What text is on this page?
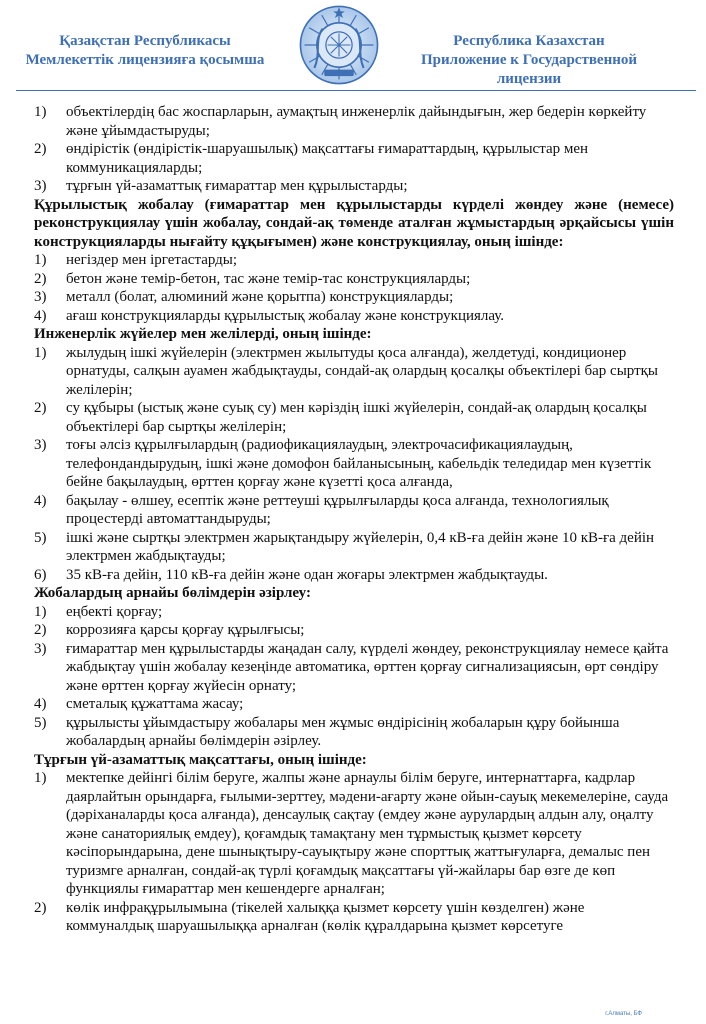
Қазақстан Республикасы
Мемлекеттік лицензияға қосымша
Республика Казахстан
Приложение к Государственной лицензии
1) объектілердің бас жоспарларын, аумақтың инженерлік дайындығын, жер бедерін көркейту және ұйымдастыруды;
2) өндірістік (өндірістік-шаруашылық) мақсаттағы ғимараттардың, құрылыстар мен коммуникацияларды;
3) тұрғын үй-азаматтық ғимараттар мен құрылыстарды;
Құрылыстық жобалау (ғимараттар мен құрылыстарды күрделі жөндеу және (немесе) реконструкциялау үшін жобалау, сондай-ақ төменде аталған жұмыстардың әрқайсысы үшін конструкцияларды нығайту құқығымен) және конструкциялау, оның ішінде:
1) негіздер мен іргетастарды;
2) бетон және темір-бетон, тас және темір-тас конструкцияларды;
3) металл (болат, алюминий және қорытпа) конструкцияларды;
4) ағаш конструкцияларды құрылыстық жобалау және конструкциялау.
Инженерлік жүйелер мен желілерді, оның ішінде:
1) жылудың ішкі жүйелерін (электрмен жылытуды қоса алғанда), желдетуді, кондиционер орнатуды, салқын ауамен жабдықтауды, сондай-ақ олардың қосалқы объектілері бар сыртқы желілерін;
2) су құбыры (ыстық және суық су) мен кәріздің ішкі жүйелерін, сондай-ақ олардың қосалқы объектілері бар сыртқы желілерін;
3) тоғы әлсіз құрылғылардың (радиофикациялаудың, электрочасификациялаудың, телефондандырудың, ішкі және домофон байланысының, кабельдік теледидар мен күзеттік бейне бақылаудың, өрттен қорғау және күзетті қоса алғанда,
4) бақылау - өлшеу, есептік және реттеуші құрылғыларды қоса алғанда, технологиялық процестерді автоматтандыруды;
5) ішкі және сыртқы электрмен жарықтандыру жүйелерін, 0,4 кВ-ға дейін және 10 кВ-ға дейін электрмен жабдықтауды;
6) 35 кВ-ға дейін, 110 кВ-ға дейін және одан жоғары электрмен жабдықтауды.
Жобалардың арнайы бөлімдерін әзірлеу:
1) еңбекті қорғау;
2) коррозияға қарсы қорғау құрылғысы;
3) ғимараттар мен құрылыстарды жаңадан салу, күрделі жөндеу, реконструкциялау немесе қайта жабдықтау үшін жобалау кезеңінде автоматика, өрттен қорғау сигнализациясын, өрт сөндіру және өрттен қорғау жүйесін орнату;
4) сметалық құжаттама жасау;
5) құрылысты ұйымдастыру жобалары мен жұмыс өндірісінің жобаларын құру бойынша жобалардың арнайы бөлімдерін әзірлеу.
Тұрғын үй-азаматтық мақсаттағы, оның ішінде:
1) мектепке дейінгі білім беруге, жалпы және арнаулы білім беруге, интернаттарға, кадрлар даярлайтын орындарға, ғылыми-зерттеу, мәдени-ағарту және ойын-сауық мекемелеріне, сауда (дәріханаларды қоса алғанда), денсаулық сақтау (емдеу және аурулардың алдын алу, оңалту және санаториялық емдеу), қоғамдық тамақтану мен тұрмыстық қызмет көрсету кәсіпорындарына, дене шынықтыру-сауықтыру және спорттық жаттығуларға, демалыс пен туризмге арналған, сондай-ақ түрлі қоғамдық мақсаттағы үй-жайлары бар өзге де көп функциялы ғимараттар мен кешендерге арналған;
2) көлік инфрақұрылымына (тікелей халыққа қызмет көрсету үшін көзделген) және коммуналдық шаруашылыққа арналған (көлік құралдарына қызмет көрсетуге
г.Алматы, БФ
